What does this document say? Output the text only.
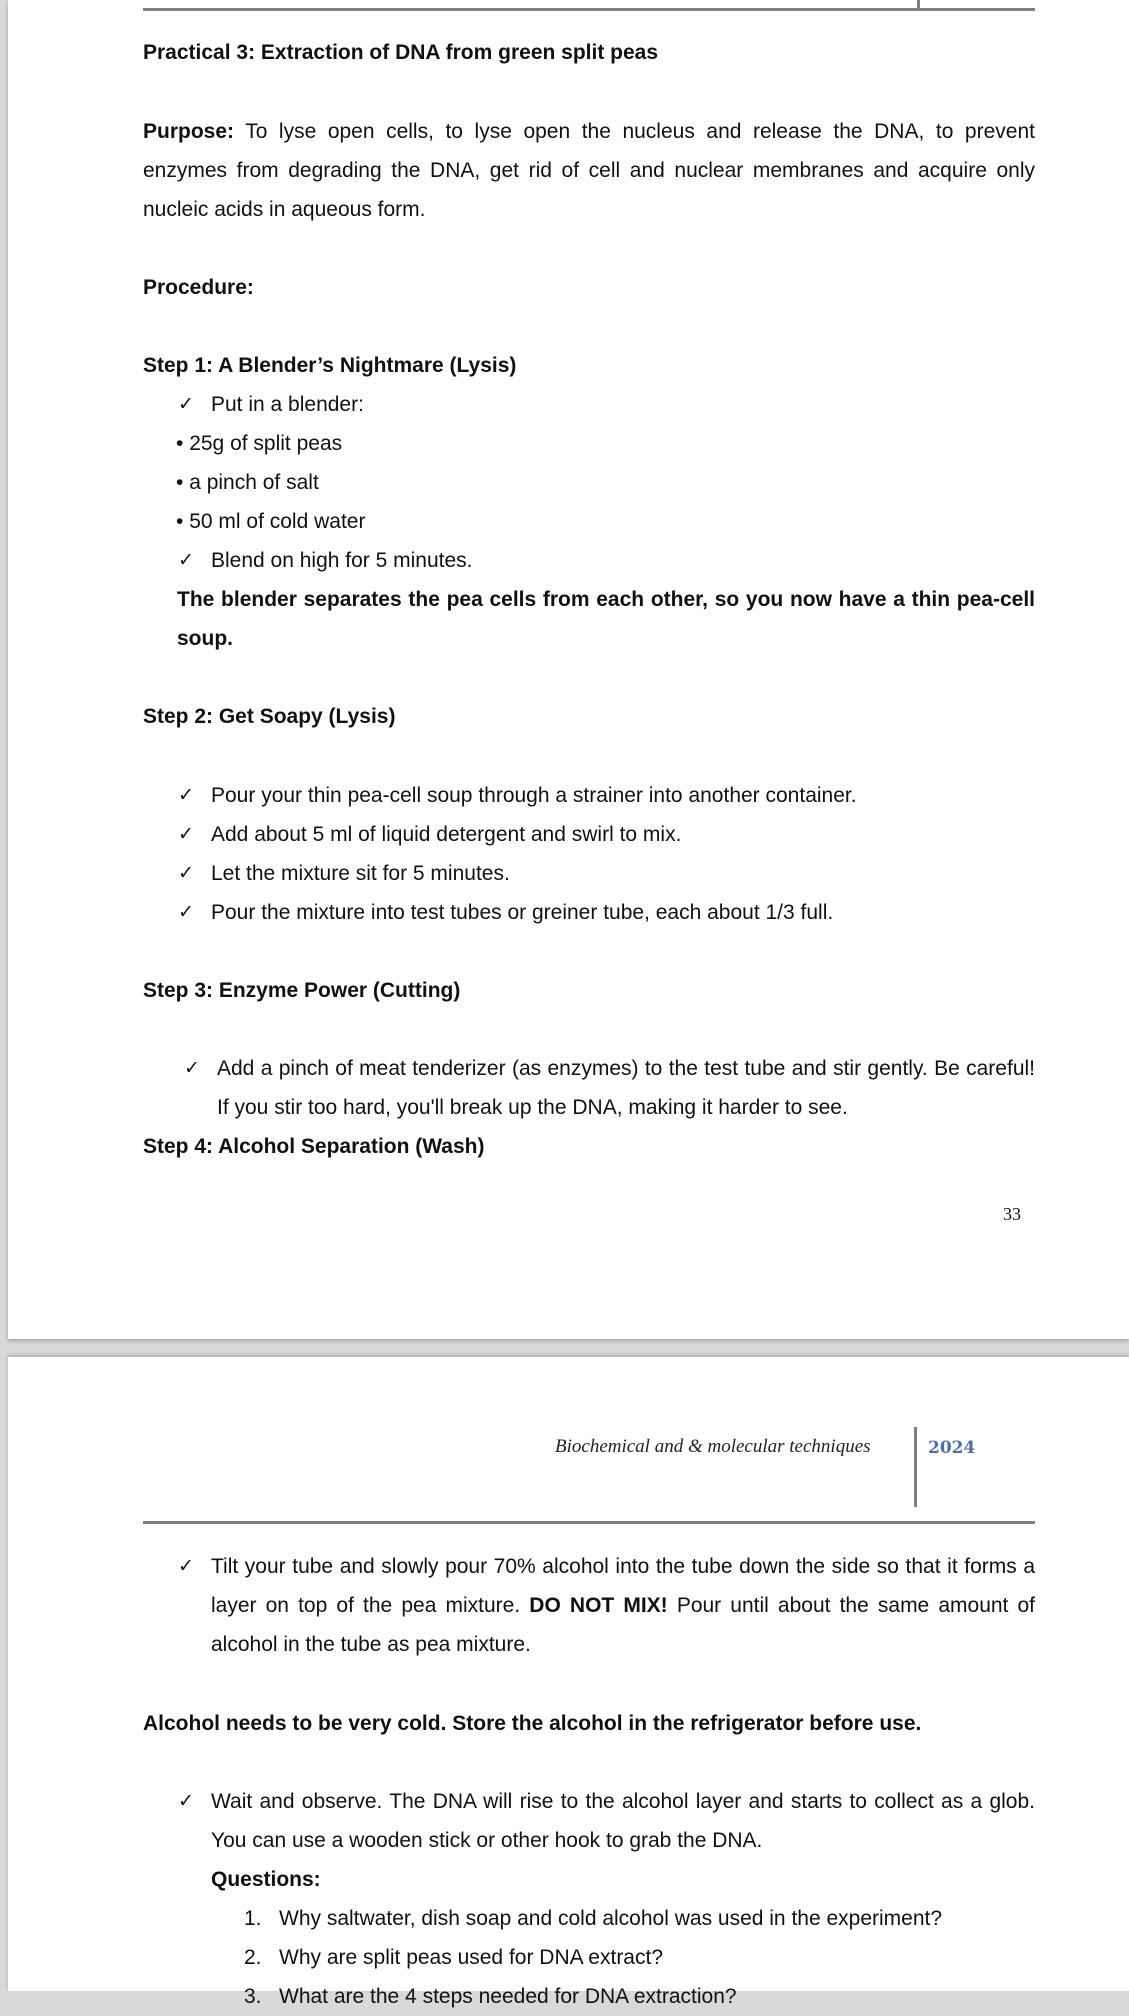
Practical 3: Extraction of DNA from green split peas
Purpose: To lyse open cells, to lyse open the nucleus and release the DNA, to prevent enzymes from degrading the DNA, get rid of cell and nuclear membranes and acquire only nucleic acids in aqueous form.
Procedure:
Step 1: A Blender’s Nightmare (Lysis)
✓ Put in a blender:
• 25g of split peas
• a pinch of salt
• 50 ml of cold water
✓ Blend on high for 5 minutes.
The blender separates the pea cells from each other, so you now have a thin pea-cell soup.
Step 2: Get Soapy (Lysis)
✓ Pour your thin pea-cell soup through a strainer into another container.
✓ Add about 5 ml of liquid detergent and swirl to mix.
✓ Let the mixture sit for 5 minutes.
✓ Pour the mixture into test tubes or greiner tube, each about 1/3 full.
Step 3: Enzyme Power (Cutting)
✓ Add a pinch of meat tenderizer (as enzymes) to the test tube and stir gently. Be careful! If you stir too hard, you'll break up the DNA, making it harder to see.
Step 4: Alcohol Separation (Wash)
33
Biochemical and & molecular techniques	2024
✓ Tilt your tube and slowly pour 70% alcohol into the tube down the side so that it forms a layer on top of the pea mixture. DO NOT MIX! Pour until about the same amount of alcohol in the tube as pea mixture.
Alcohol needs to be very cold. Store the alcohol in the refrigerator before use.
✓ Wait and observe. The DNA will rise to the alcohol layer and starts to collect as a glob. You can use a wooden stick or other hook to grab the DNA.
Questions:
1. Why saltwater, dish soap and cold alcohol was used in the experiment?
2. Why are split peas used for DNA extract?
3. What are the 4 steps needed for DNA extraction?
